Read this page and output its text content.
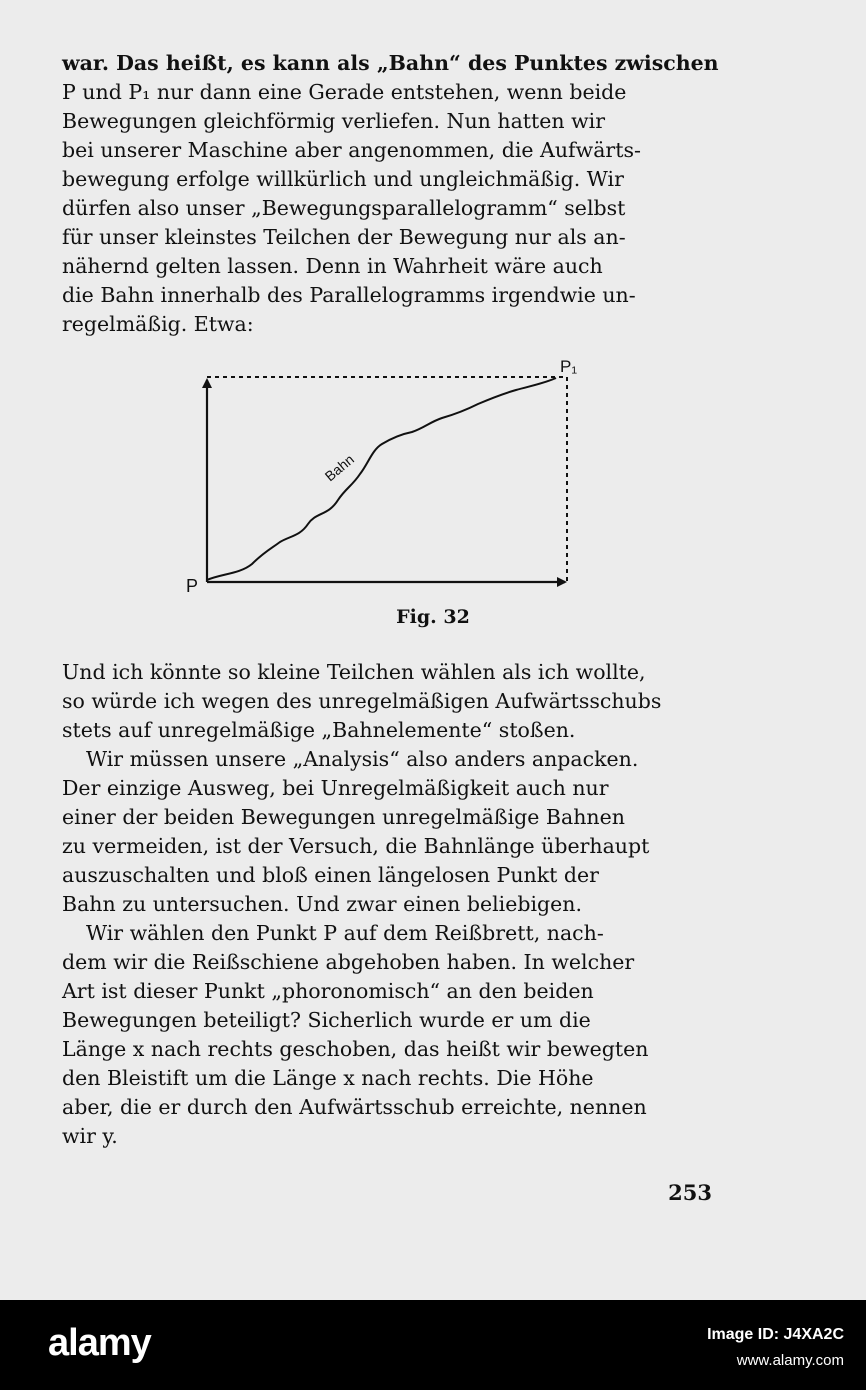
war. Das heißt, es kann als „Bahn“ des Punktes zwischen
P und P₁ nur dann eine Gerade entstehen, wenn beide
Bewegungen gleichförmig verliefen. Nun hatten wir
bei unserer Maschine aber angenommen, die Aufwärts-
bewegung erfolge willkürlich und ungleichmäßig. Wir
dürfen also unser „Bewegungsparallelogramm“ selbst
für unser kleinstes Teilchen der Bewegung nur als an-
nähernd gelten lassen. Denn in Wahrheit wäre auch
die Bahn innerhalb des Parallelogramms irgendwie un-
regelmäßig. Etwa:
P
P₁
Bahn
Fig. 32
Und ich könnte so kleine Teilchen wählen als ich wollte,
so würde ich wegen des unregelmäßigen Aufwärtsschubs
stets auf unregelmäßige „Bahnelemente“ stoßen.
Wir müssen unsere „Analysis“ also anders anpacken.
Der einzige Ausweg, bei Unregelmäßigkeit auch nur
einer der beiden Bewegungen unregelmäßige Bahnen
zu vermeiden, ist der Versuch, die Bahnlänge überhaupt
auszuschalten und bloß einen längelosen Punkt der
Bahn zu untersuchen. Und zwar einen beliebigen.
Wir wählen den Punkt P auf dem Reißbrett, nach-
dem wir die Reißschiene abgehoben haben. In welcher
Art ist dieser Punkt „phoronomisch“ an den beiden
Bewegungen beteiligt? Sicherlich wurde er um die
Länge x nach rechts geschoben, das heißt wir bewegten
den Bleistift um die Länge x nach rechts. Die Höhe
aber, die er durch den Aufwärtsschub erreichte, nennen
wir y.
253
alamy	Image ID: J4XA2C
www.alamy.com
